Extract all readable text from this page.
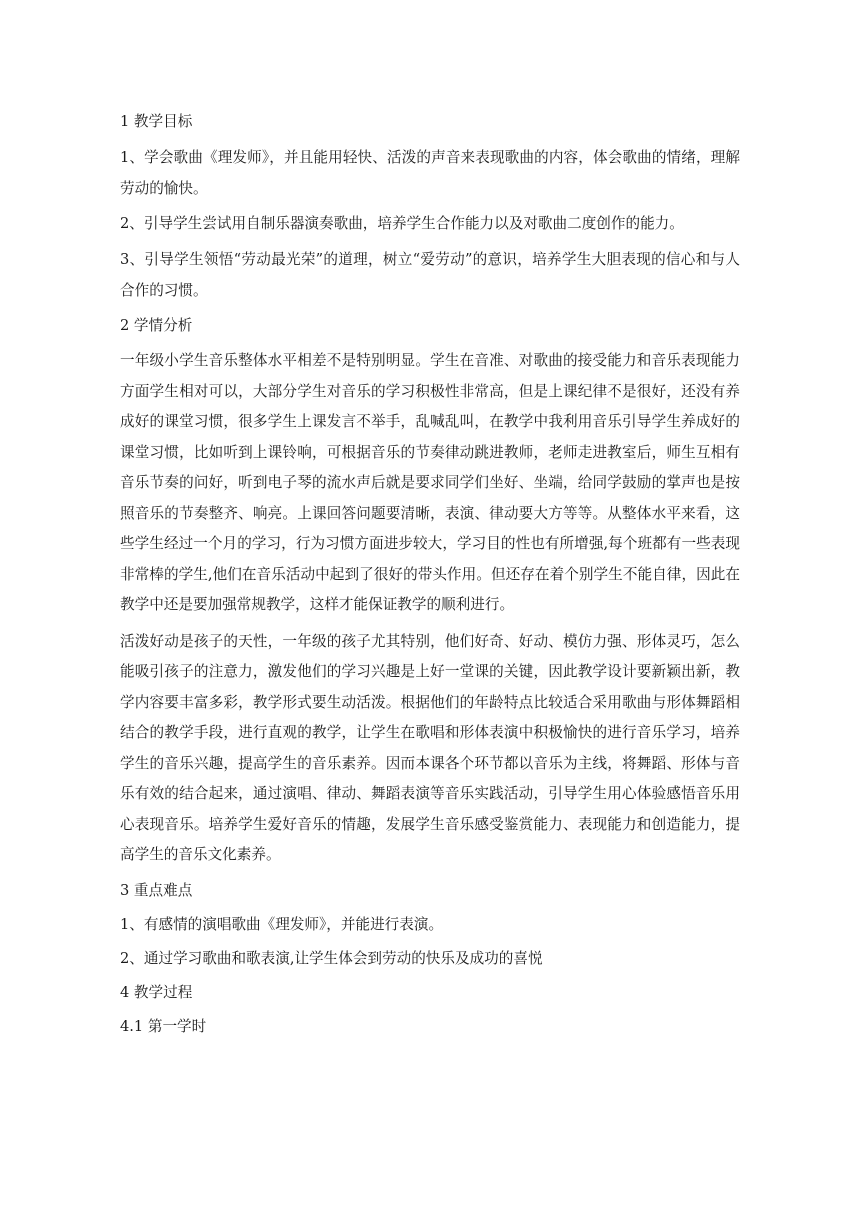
1 教学目标

1、学会歌曲《理发师》，并且能用轻快、活泼的声音来表现歌曲的内容，体会歌曲的情绪，理解劳动的愉快。

2、引导学生尝试用自制乐器演奏歌曲，培养学生合作能力以及对歌曲二度创作的能力。

3、引导学生领悟“劳动最光荣”的道理，树立“爱劳动”的意识，培养学生大胆表现的信心和与人合作的习惯。

2 学情分析

一年级小学生音乐整体水平相差不是特别明显。学生在音准、对歌曲的接受能力和音乐表现能力方面学生相对可以，大部分学生对音乐的学习积极性非常高，但是上课纪律不是很好，还没有养成好的课堂习惯，很多学生上课发言不举手，乱喊乱叫，在教学中我利用音乐引导学生养成好的课堂习惯，比如听到上课铃响，可根据音乐的节奏律动跳进教师，老师走进教室后，师生互相有音乐节奏的问好，听到电子琴的流水声后就是要求同学们坐好、坐端，给同学鼓励的掌声也是按照音乐的节奏整齐、响亮。上课回答问题要清晰，表演、律动要大方等等。从整体水平来看，这些学生经过一个月的学习，行为习惯方面进步较大，学习目的性也有所增强,每个班都有一些表现非常棒的学生,他们在音乐活动中起到了很好的带头作用。但还存在着个别学生不能自律，因此在教学中还是要加强常规教学，这样才能保证教学的顺利进行。

活泼好动是孩子的天性，一年级的孩子尤其特别，他们好奇、好动、模仿力强、形体灵巧，怎么能吸引孩子的注意力，激发他们的学习兴趣是上好一堂课的关键，因此教学设计要新颖出新，教学内容要丰富多彩，教学形式要生动活泼。根据他们的年龄特点比较适合采用歌曲与形体舞蹈相结合的教学手段，进行直观的教学，让学生在歌唱和形体表演中积极愉快的进行音乐学习，培养学生的音乐兴趣，提高学生的音乐素养。因而本课各个环节都以音乐为主线，将舞蹈、形体与音乐有效的结合起来，通过演唱、律动、舞蹈表演等音乐实践活动，引导学生用心体验感悟音乐用心表现音乐。培养学生爱好音乐的情趣，发展学生音乐感受鉴赏能力、表现能力和创造能力，提高学生的音乐文化素养。

3 重点难点

1、有感情的演唱歌曲《理发师》，并能进行表演。

2、通过学习歌曲和歌表演,让学生体会到劳动的快乐及成功的喜悦

4 教学过程

4.1 第一学时
